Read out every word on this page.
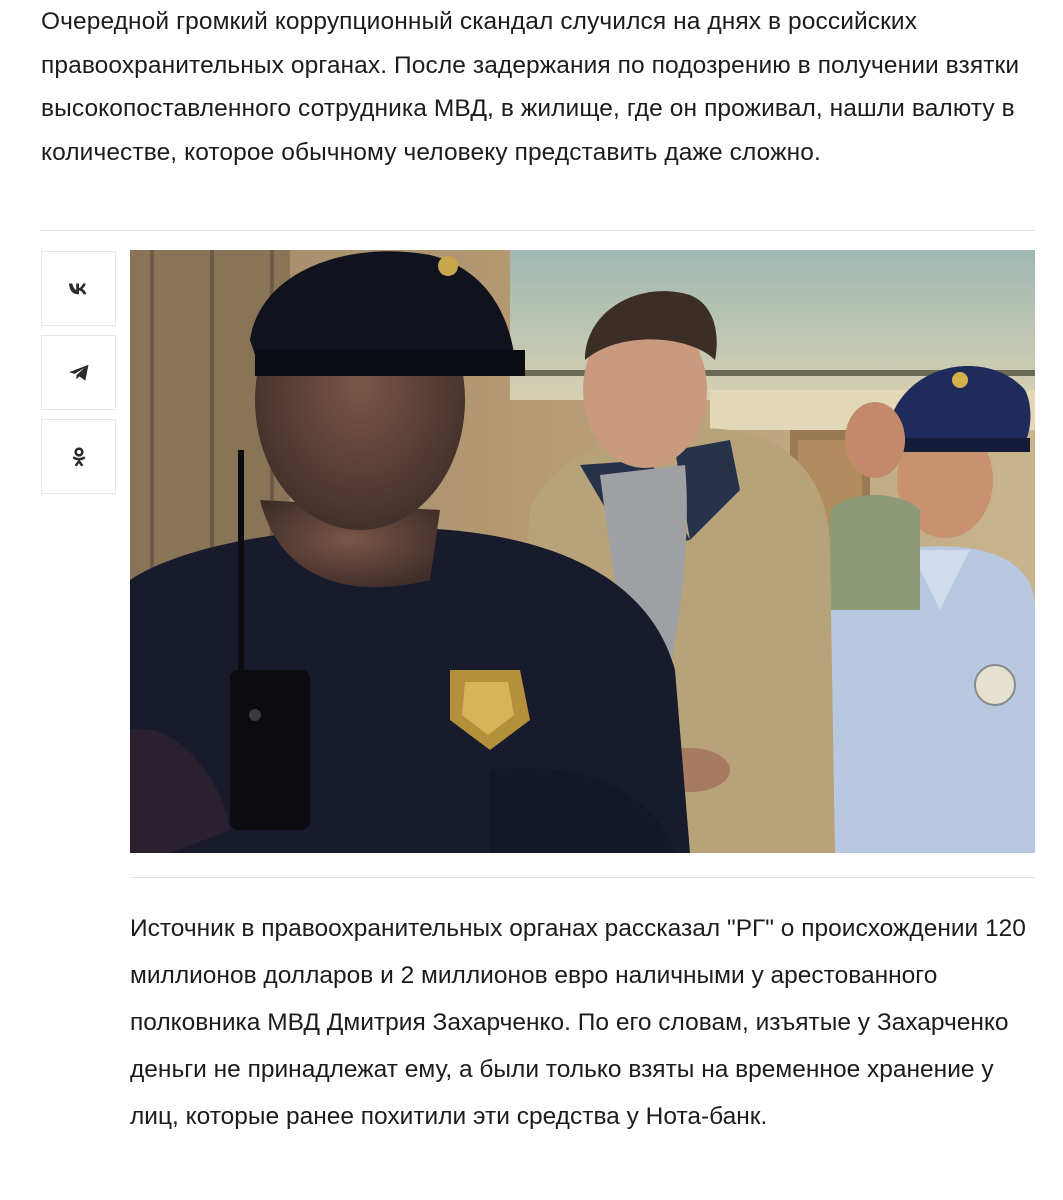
Очередной громкий коррупционный скандал случился на днях в российских правоохранительных органах. После задержания по подозрению в получении взятки высокопоставленного сотрудника МВД, в жилище, где он проживал, нашли валюту в количестве, которое обычному человеку представить даже сложно.

Источник в правоохранительных органах рассказал "РГ" о происхождении 120 миллионов долларов и 2 миллионов евро наличными у арестованного полковника МВД Дмитрия Захарченко. По его словам, изъятые у Захарченко деньги не принадлежат ему, а были только взяты на временное хранение у лиц, которые ранее похитили эти средства у Нота-банк.
